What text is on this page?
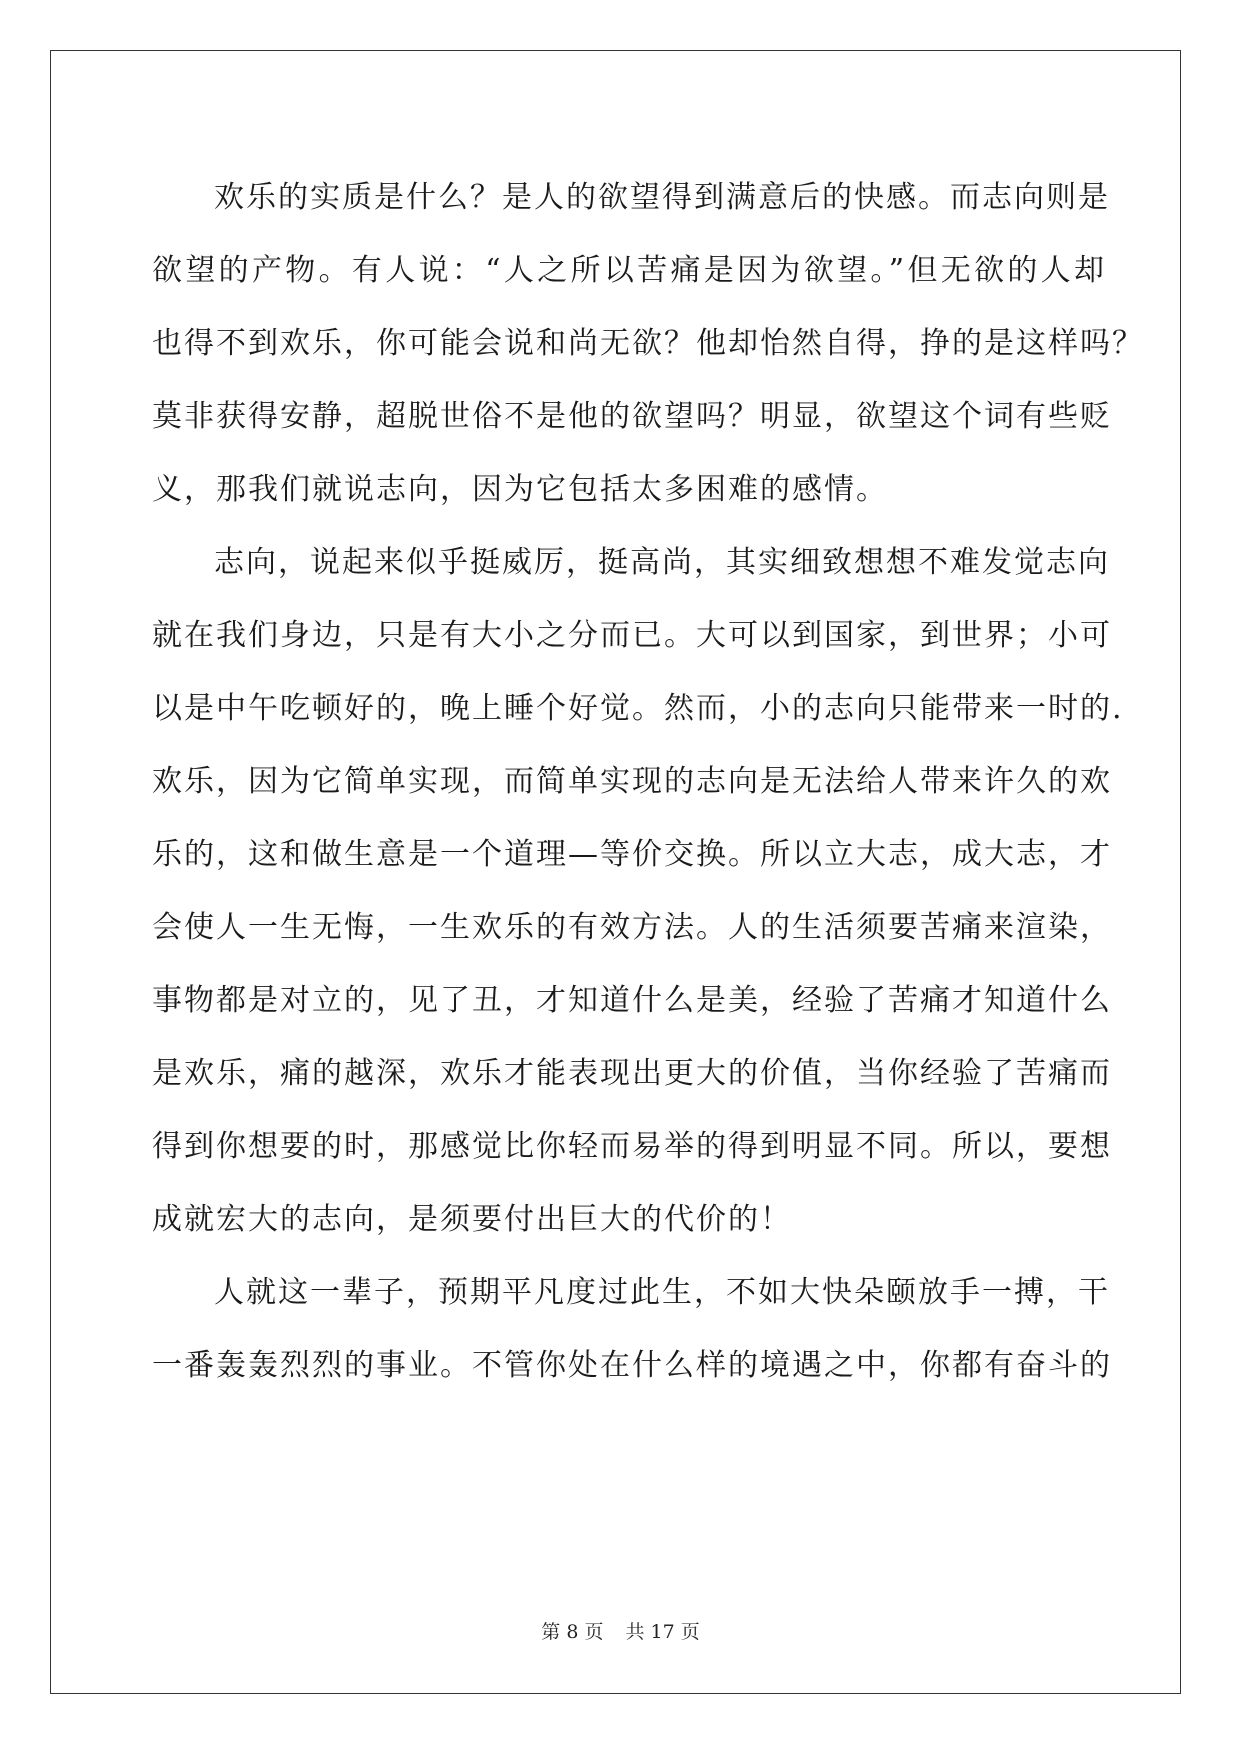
欢乐的实质是什么？是人的欲望得到满意后的快感。而志向则是
欲望的产物。有人说：“人之所以苦痛是因为欲望。”但无欲的人却
也得不到欢乐，你可能会说和尚无欲？他却怡然自得，挣的是这样吗？
莫非获得安静，超脱世俗不是他的欲望吗？明显，欲望这个词有些贬
义，那我们就说志向，因为它包括太多困难的感情。
志向，说起来似乎挺威厉，挺高尚，其实细致想想不难发觉志向
就在我们身边，只是有大小之分而已。大可以到国家，到世界；小可
以是中午吃顿好的，晚上睡个好觉。然而，小的志向只能带来一时的.
欢乐，因为它简单实现，而简单实现的志向是无法给人带来许久的欢
乐的，这和做生意是一个道理—等价交换。所以立大志，成大志，才
会使人一生无悔，一生欢乐的有效方法。人的生活须要苦痛来渲染，
事物都是对立的，见了丑，才知道什么是美，经验了苦痛才知道什么
是欢乐，痛的越深，欢乐才能表现出更大的价值，当你经验了苦痛而
得到你想要的时，那感觉比你轻而易举的得到明显不同。所以，要想
成就宏大的志向，是须要付出巨大的代价的！
人就这一辈子，预期平凡度过此生，不如大快朵颐放手一搏，干
一番轰轰烈烈的事业。不管你处在什么样的境遇之中，你都有奋斗的
第 8 页 共 17 页
